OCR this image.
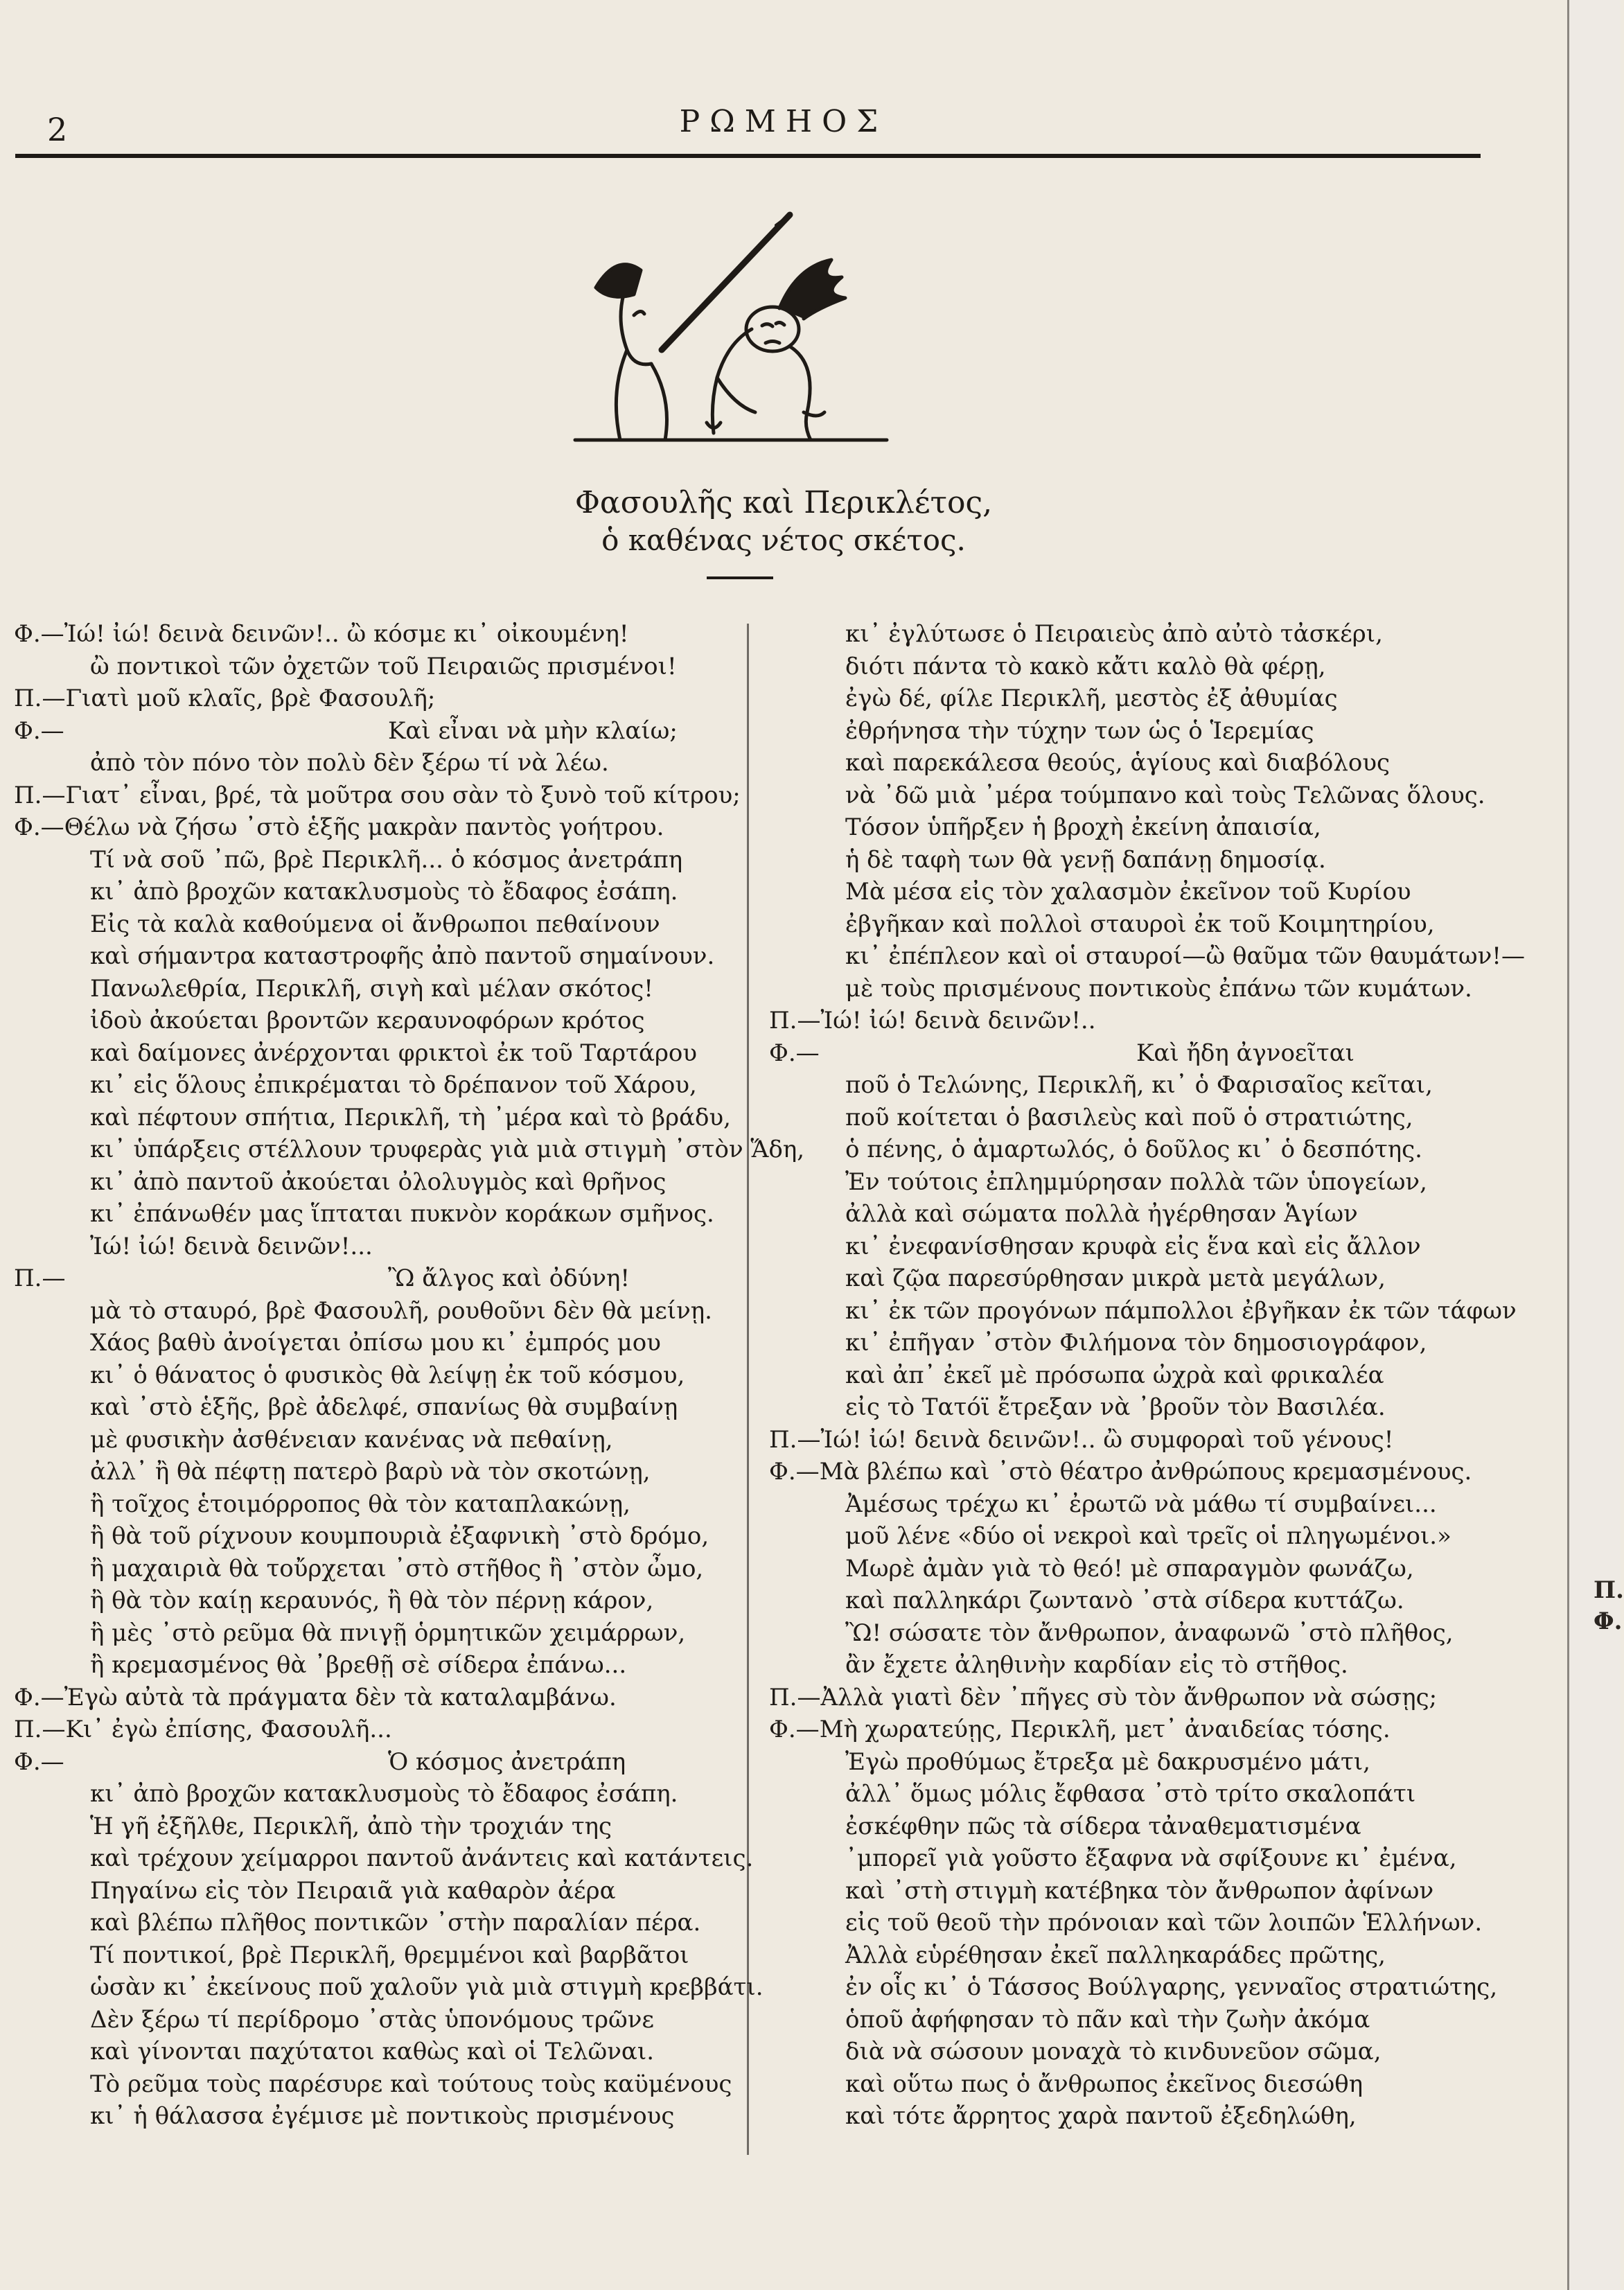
Π.
Φ.
2	ΡΩΜΗΟΣ
Φασουλῆς καὶ Περικλέτος,
ὁ καθένας νέτος σκέτος.
Φ.— Ἰώ! ἰώ! δεινὰ δεινῶν!.. ὢ κόσμε κι᾽ οἰκουμένη!
ὢ ποντικοὶ τῶν ὀχετῶν τοῦ Πειραιῶς πρισμένοι!
Π.— Γιατὶ μοῦ κλαῖς, βρὲ Φασουλῆ;
Φ.—	Καὶ εἶναι νὰ μὴν κλαίω;
ἀπὸ τὸν πόνο τὸν πολὺ δὲν ξέρω τί νὰ λέω.
Π.— Γιατ᾽ εἶναι, βρέ, τὰ μοῦτρα σου σὰν τὸ ξυνὸ τοῦ κίτρου;
Φ.— Θέλω νὰ ζήσω ᾽στὸ ἑξῆς μακρὰν παντὸς γοήτρου.
Τί νὰ σοῦ ᾽πῶ, βρὲ Περικλῆ... ὁ κόσμος ἀνετράπη
κι᾽ ἀπὸ βροχῶν κατακλυσμοὺς τὸ ἔδαφος ἐσάπη.
Εἰς τὰ καλὰ καθούμενα οἱ ἄνθρωποι πεθαίνουν
καὶ σήμαντρα καταστροφῆς ἀπὸ παντοῦ σημαίνουν.
Πανωλεθρία, Περικλῆ, σιγὴ καὶ μέλαν σκότος!
ἰδοὺ ἀκούεται βροντῶν κεραυνοφόρων κρότος
καὶ δαίμονες ἀνέρχονται φρικτοὶ ἐκ τοῦ Ταρτάρου
κι᾽ εἰς ὅλους ἐπικρέμαται τὸ δρέπανον τοῦ Χάρου,
καὶ πέφτουν σπήτια, Περικλῆ, τὴ ᾽μέρα καὶ τὸ βράδυ,
κι᾽ ὑπάρξεις στέλλουν τρυφερὰς γιὰ μιὰ στιγμὴ ᾽στὸν Ἅδη,
κι᾽ ἀπὸ παντοῦ ἀκούεται ὀλολυγμὸς καὶ θρῆνος
κι᾽ ἐπάνωθέν μας ἵπταται πυκνὸν κοράκων σμῆνος.
Ἰώ! ἰώ! δεινὰ δεινῶν!...
Π.—	Ὢ ἄλγος καὶ ὀδύνη!
μὰ τὸ σταυρό, βρὲ Φασουλῆ, ρουθοῦνι δὲν θὰ μείνῃ.
Χάος βαθὺ ἀνοίγεται ὀπίσω μου κι᾽ ἐμπρός μου
κι᾽ ὁ θάνατος ὁ φυσικὸς θὰ λείψῃ ἐκ τοῦ κόσμου,
καὶ ᾽στὸ ἑξῆς, βρὲ ἀδελφέ, σπανίως θὰ συμβαίνῃ
μὲ φυσικὴν ἀσθένειαν κανένας νὰ πεθαίνῃ,
ἀλλ᾽ ἢ θὰ πέφτῃ πατερὸ βαρὺ νὰ τὸν σκοτώνῃ,
ἢ τοῖχος ἑτοιμόρροπος θὰ τὸν καταπλακώνῃ,
ἢ θὰ τοῦ ρίχνουν κουμπουριὰ ἐξαφνικὴ ᾽στὸ δρόμο,
ἢ μαχαιριὰ θὰ τοὔρχεται ᾽στὸ στῆθος ἢ ᾽στὸν ὦμο,
ἢ θὰ τὸν καίῃ κεραυνός, ἢ θὰ τὸν πέρνῃ κάρον,
ἢ μὲς ᾽στὸ ρεῦμα θὰ πνιγῇ ὁρμητικῶν χειμάρρων,
ἢ κρεμασμένος θὰ ᾽βρεθῇ σὲ σίδερα ἐπάνω...
Φ.— Ἐγὼ αὐτὰ τὰ πράγματα δὲν τὰ καταλαμβάνω.
Π.— Κι᾽ ἐγὼ ἐπίσης, Φασουλῆ...
Φ.—	Ὁ κόσμος ἀνετράπη
κι᾽ ἀπὸ βροχῶν κατακλυσμοὺς τὸ ἔδαφος ἐσάπη.
Ἡ γῆ ἐξῆλθε, Περικλῆ, ἀπὸ τὴν τροχιάν της
καὶ τρέχουν χείμαρροι παντοῦ ἀνάντεις καὶ κατάντεις.
Πηγαίνω εἰς τὸν Πειραιᾶ γιὰ καθαρὸν ἀέρα
καὶ βλέπω πλῆθος ποντικῶν ᾽στὴν παραλίαν πέρα.
Τί ποντικοί, βρὲ Περικλῆ, θρεμμένοι καὶ βαρβᾶτοι
ὡσὰν κι᾽ ἐκείνους ποῦ χαλοῦν γιὰ μιὰ στιγμὴ κρεββάτι.
Δὲν ξέρω τί περίδρομο ᾽στὰς ὑπονόμους τρῶνε
καὶ γίνονται παχύτατοι καθὼς καὶ οἱ Τελῶναι.
Τὸ ρεῦμα τοὺς παρέσυρε καὶ τούτους τοὺς καϋμένους
κι᾽ ἡ θάλασσα ἐγέμισε μὲ ποντικοὺς πρισμένους
κι᾽ ἐγλύτωσε ὁ Πειραιεὺς ἀπὸ αὐτὸ τἀσκέρι,
διότι πάντα τὸ κακὸ κἄτι καλὸ θὰ φέρῃ,
ἐγὼ δέ, φίλε Περικλῆ, μεστὸς ἐξ ἀθυμίας
ἐθρήνησα τὴν τύχην των ὡς ὁ Ἱερεμίας
καὶ παρεκάλεσα θεούς, ἁγίους καὶ διαβόλους
νὰ ᾽δῶ μιὰ ᾽μέρα τούμπανο καὶ τοὺς Τελῶνας ὅλους.
Τόσον ὑπῆρξεν ἡ βροχὴ ἐκείνη ἀπαισία,
ἡ δὲ ταφὴ των θὰ γενῇ δαπάνῃ δημοσίᾳ.
Μὰ μέσα εἰς τὸν χαλασμὸν ἐκεῖνον τοῦ Κυρίου
ἐβγῆκαν καὶ πολλοὶ σταυροὶ ἐκ τοῦ Κοιμητηρίου,
κι᾽ ἐπέπλεον καὶ οἱ σταυροί—ὢ θαῦμα τῶν θαυμάτων!—
μὲ τοὺς πρισμένους ποντικοὺς ἐπάνω τῶν κυμάτων.
Π.— Ἰώ! ἰώ! δεινὰ δεινῶν!..
Φ.—	Καὶ ἤδη ἀγνοεῖται
ποῦ ὁ Τελώνης, Περικλῆ, κι᾽ ὁ Φαρισαῖος κεῖται,
ποῦ κοίτεται ὁ βασιλεὺς καὶ ποῦ ὁ στρατιώτης,
ὁ πένης, ὁ ἁμαρτωλός, ὁ δοῦλος κι᾽ ὁ δεσπότης.
Ἐν τούτοις ἐπλημμύρησαν πολλὰ τῶν ὑπογείων,
ἀλλὰ καὶ σώματα πολλὰ ἠγέρθησαν Ἁγίων
κι᾽ ἐνεφανίσθησαν κρυφὰ εἰς ἕνα καὶ εἰς ἄλλον
καὶ ζῷα παρεσύρθησαν μικρὰ μετὰ μεγάλων,
κι᾽ ἐκ τῶν προγόνων πάμπολλοι ἐβγῆκαν ἐκ τῶν τάφων
κι᾽ ἐπῆγαν ᾽στὸν Φιλήμονα τὸν δημοσιογράφον,
καὶ ἀπ᾽ ἐκεῖ μὲ πρόσωπα ὠχρὰ καὶ φρικαλέα
εἰς τὸ Τατόϊ ἔτρεξαν νὰ ᾽βροῦν τὸν Βασιλέα.
Π.— Ἰώ! ἰώ! δεινὰ δεινῶν!.. ὢ συμφοραὶ τοῦ γένους!
Φ.— Μὰ βλέπω καὶ ᾽στὸ θέατρο ἀνθρώπους κρεμασμένους.
Ἀμέσως τρέχω κι᾽ ἐρωτῶ νὰ μάθω τί συμβαίνει...
μοῦ λένε «δύο οἱ νεκροὶ καὶ τρεῖς οἱ πληγωμένοι.»
Μωρὲ ἀμὰν γιὰ τὸ θεό! μὲ σπαραγμὸν φωνάζω,
καὶ παλληκάρι ζωντανὸ ᾽στὰ σίδερα κυττάζω.
Ὢ! σώσατε τὸν ἄνθρωπον, ἀναφωνῶ ᾽στὸ πλῆθος,
ἂν ἔχετε ἀληθινὴν καρδίαν εἰς τὸ στῆθος.
Π.— Ἀλλὰ γιατὶ δὲν ᾽πῆγες σὺ τὸν ἄνθρωπον νὰ σώσῃς;
Φ.— Μὴ χωρατεύῃς, Περικλῆ, μετ᾽ ἀναιδείας τόσης.
Ἐγὼ προθύμως ἔτρεξα μὲ δακρυσμένο μάτι,
ἀλλ᾽ ὅμως μόλις ἔφθασα ᾽στὸ τρίτο σκαλοπάτι
ἐσκέφθην πῶς τὰ σίδερα τἀναθεματισμένα
᾽μπορεῖ γιὰ γοῦστο ἔξαφνα νὰ σφίξουνε κι᾽ ἐμένα,
καὶ ᾽στὴ στιγμὴ κατέβηκα τὸν ἄνθρωπον ἀφίνων
εἰς τοῦ θεοῦ τὴν πρόνοιαν καὶ τῶν λοιπῶν Ἑλλήνων.
Ἀλλὰ εὑρέθησαν ἐκεῖ παλληκαράδες πρῶτης,
ἐν οἷς κι᾽ ὁ Τάσσος Βούλγαρης, γενναῖος στρατιώτης,
ὁποῦ ἀφήφησαν τὸ πᾶν καὶ τὴν ζωὴν ἀκόμα
διὰ νὰ σώσουν μοναχὰ τὸ κινδυνεῦον σῶμα,
καὶ οὕτω πως ὁ ἄνθρωπος ἐκεῖνος διεσώθη
καὶ τότε ἄρρητος χαρὰ παντοῦ ἐξεδηλώθη,
